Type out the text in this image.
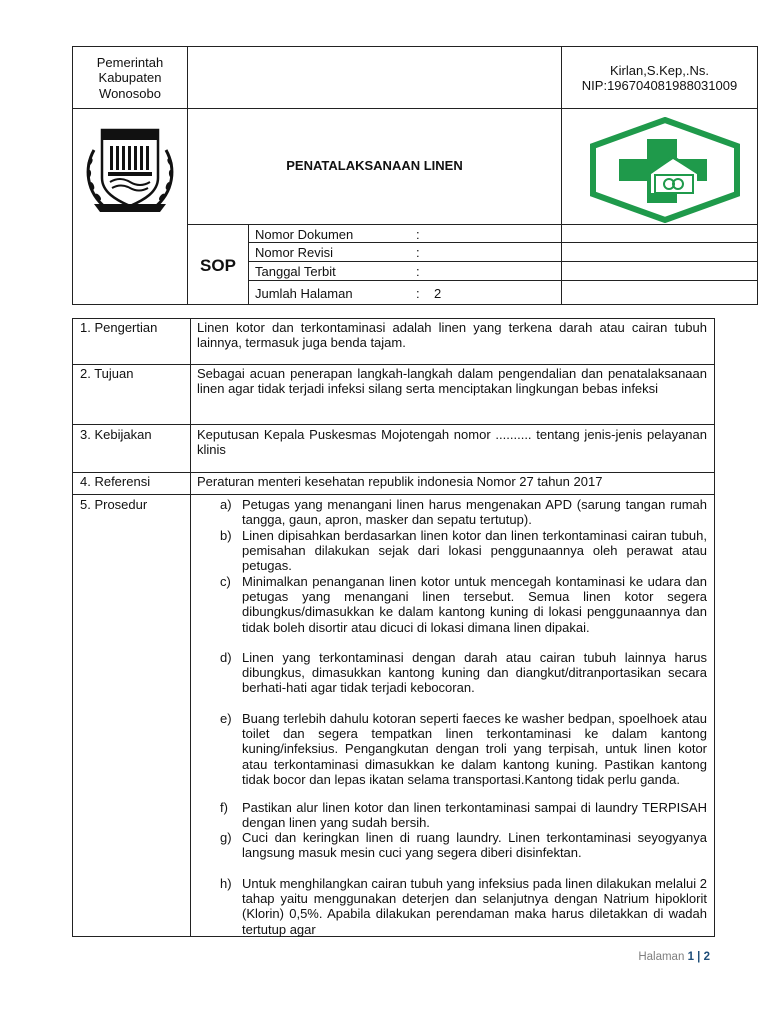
Pemerintah
Kabupaten
Wonosobo
Kirlan,S.Kep,.Ns.
NIP:196704081988031009
PENATALAKSANAAN LINEN
SOP
Nomor Dokumen	:
Nomor Revisi	:
Tanggal Terbit	:
Jumlah Halaman	: 2
1. Pengertian	Linen kotor dan terkontaminasi adalah linen yang terkena darah atau cairan tubuh lainnya, termasuk juga benda tajam.
2. Tujuan	Sebagai acuan penerapan langkah-langkah dalam pengendalian dan penatalaksanaan linen agar tidak terjadi infeksi silang serta menciptakan lingkungan bebas infeksi
3. Kebijakan	Keputusan Kepala Puskesmas Mojotengah nomor .......... tentang jenis-jenis pelayanan klinis
4. Referensi	Peraturan menteri kesehatan republik indonesia Nomor 27 tahun 2017
5. Prosedur	a) Petugas yang menangani linen harus mengenakan APD (sarung tangan rumah tangga, gaun, apron, masker dan sepatu tertutup).
b) Linen dipisahkan berdasarkan linen kotor dan linen terkontaminasi cairan tubuh, pemisahan dilakukan sejak dari lokasi penggunaannya oleh perawat atau petugas.
c) Minimalkan penanganan linen kotor untuk mencegah kontaminasi ke udara dan petugas yang menangani linen tersebut. Semua linen kotor segera dibungkus/dimasukkan ke dalam kantong kuning di lokasi penggunaannya dan tidak boleh disortir atau dicuci di lokasi dimana linen dipakai.
d) Linen yang terkontaminasi dengan darah atau cairan tubuh lainnya harus dibungkus, dimasukkan kantong kuning dan diangkut/ditranportasikan secara berhati-hati agar tidak terjadi kebocoran.
e) Buang terlebih dahulu kotoran seperti faeces ke washer bedpan, spoelhoek atau toilet dan segera tempatkan linen terkontaminasi ke dalam kantong kuning/infeksius. Pengangkutan dengan troli yang terpisah, untuk linen kotor atau terkontaminasi dimasukkan ke dalam kantong kuning. Pastikan kantong tidak bocor dan lepas ikatan selama transportasi.Kantong tidak perlu ganda.
f) Pastikan alur linen kotor dan linen terkontaminasi sampai di laundry TERPISAH dengan linen yang sudah bersih.
g) Cuci dan keringkan linen di ruang laundry. Linen terkontaminasi seyogyanya langsung masuk mesin cuci yang segera diberi disinfektan.
h) Untuk menghilangkan cairan tubuh yang infeksius pada linen dilakukan melalui 2 tahap yaitu menggunakan deterjen dan selanjutnya dengan Natrium hipoklorit (Klorin) 0,5%. Apabila dilakukan perendaman maka harus diletakkan di wadah tertutup agar
Halaman 1 | 2
